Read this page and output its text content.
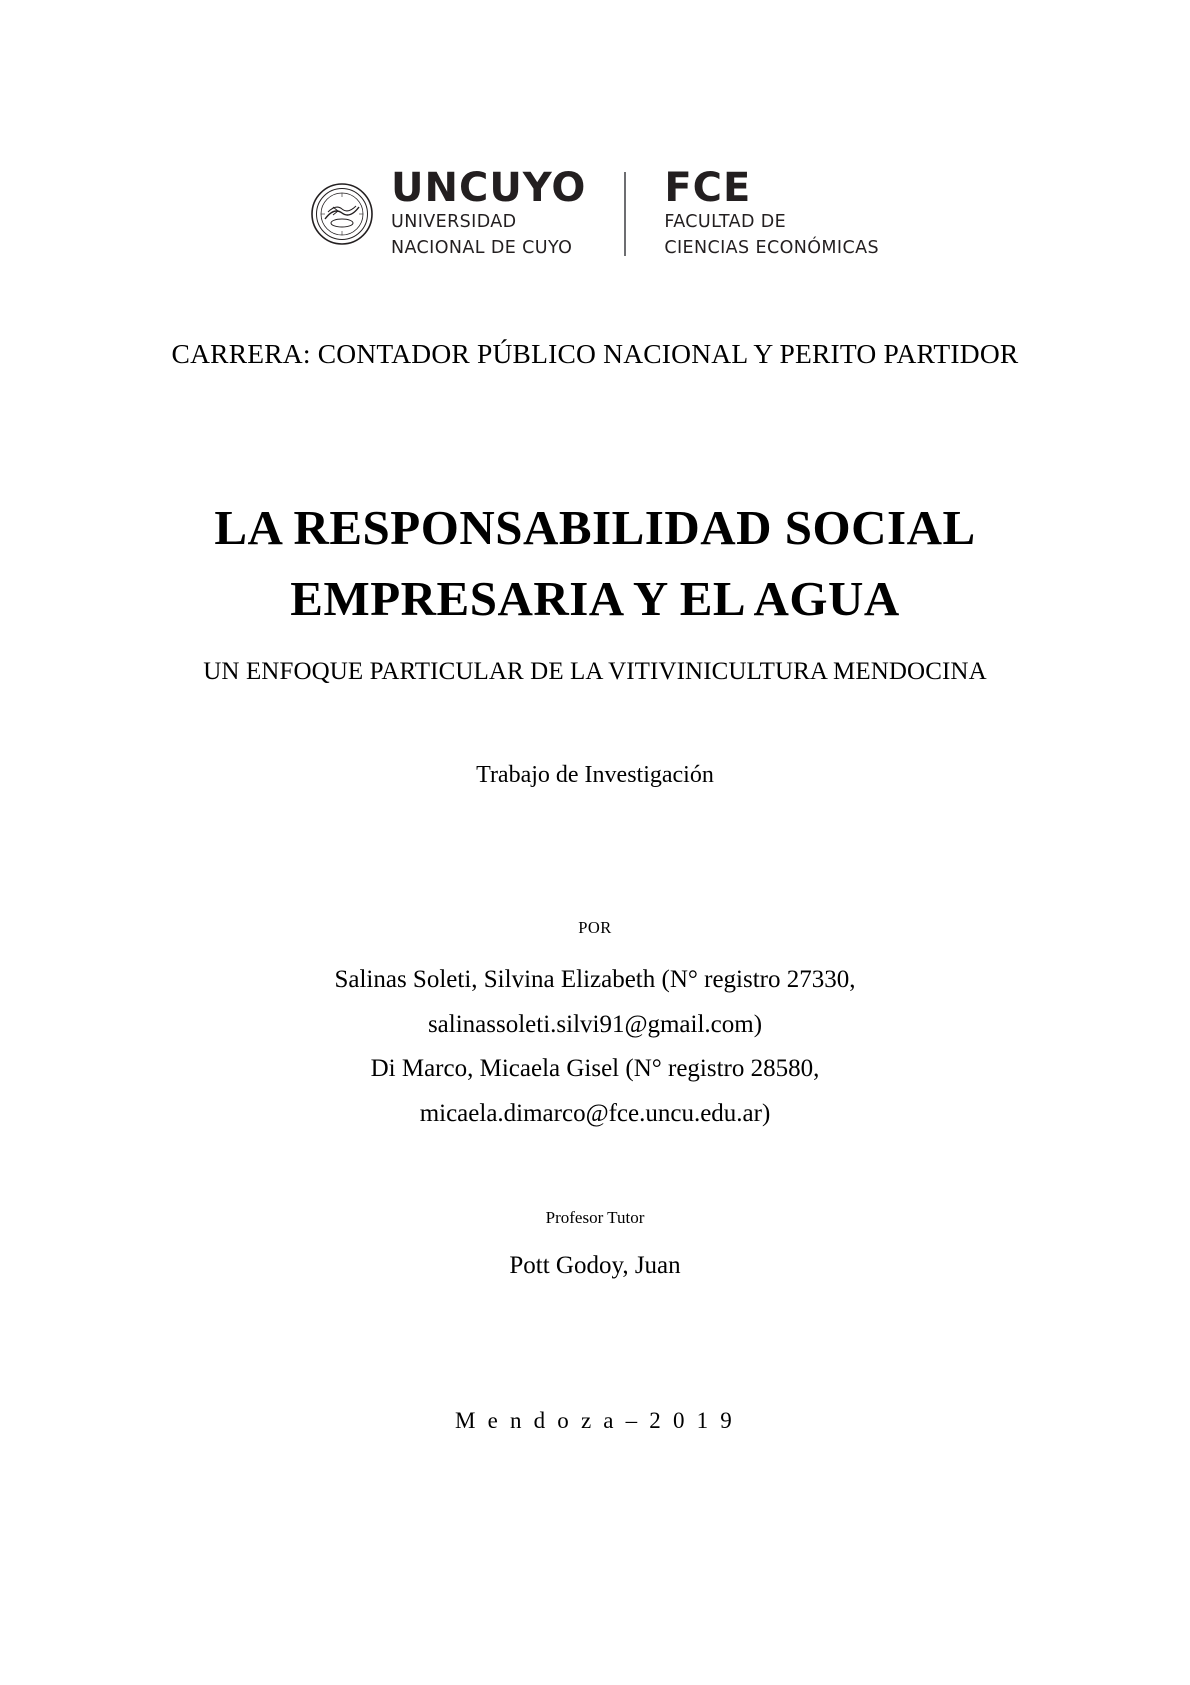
UNCUYO
UNIVERSIDAD
NACIONAL DE CUYO
FCE
FACULTAD DE
CIENCIAS ECONÓMICAS
CARRERA: CONTADOR PÚBLICO NACIONAL Y PERITO PARTIDOR
LA RESPONSABILIDAD SOCIAL
EMPRESARIA Y EL AGUA
UN ENFOQUE PARTICULAR DE LA VITIVINICULTURA MENDOCINA
Trabajo de Investigación
POR
Salinas Soleti, Silvina Elizabeth (N° registro 27330,
salinassoleti.silvi91@gmail.com)
Di Marco, Micaela Gisel (N° registro 28580,
micaela.dimarco@fce.uncu.edu.ar)
Profesor Tutor
Pott Godoy, Juan
M e n d o z a – 2 0 1 9
